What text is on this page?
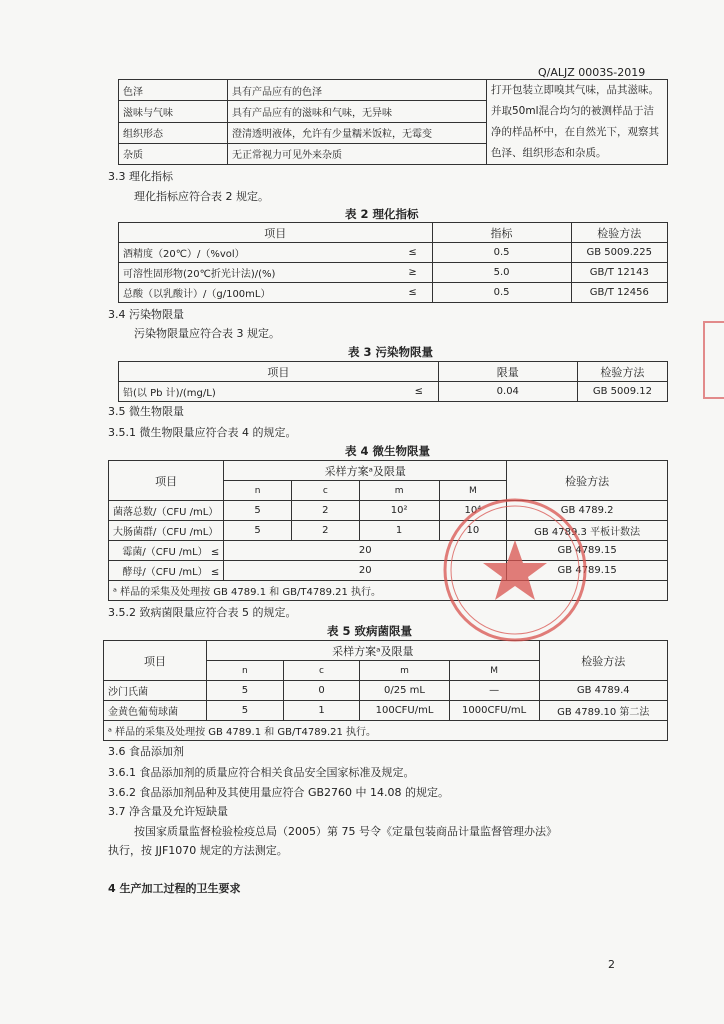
Q/ALJZ 0003S-2019
色泽	具有产品应有的色泽	打开包装立即嗅其气味，品其滋味。
并取50ml混合均匀的被测样品于洁
净的样品杯中，在自然光下，观察其
色泽、组织形态和杂质。

滋味与气味	具有产品应有的滋味和气味，无异味	
组织形态	澄清透明液体，允许有少量糯米饭粒，无霉变	
杂质	无正常视力可见外来杂质	
3.3 理化指标
理化指标应符合表 2 规定。
表 2 理化指标
项目		指标	检验方法
酒精度（20℃）/（%vol）	≤	0.5	GB 5009.225
可溶性固形物(20℃折光计法)/(%)	≥	5.0	GB/T 12143
总酸（以乳酸计）/（g/100mL）	≤	0.5	GB/T 12456
3.4 污染物限量
污染物限量应符合表 3 规定。
表 3 污染物限量
项目		限量	检验方法
铅(以 Pb 计)/(mg/L)	≤	0.04	GB 5009.12
3.5 微生物限量
3.5.1 微生物限量应符合表 4 的规定。
表 4 微生物限量
项目	采样方案ᵃ及限量				检验方法
	n	c	m	M	
菌落总数/（CFU /mL）	5	2	10²	10⁴	GB 4789.2
大肠菌群/（CFU /mL）	5	2	1	10	GB 4789.3 平板计数法
霉菌/（CFU /mL） ≤	20				GB 4789.15
酵母/（CFU /mL） ≤	20				GB 4789.15
ᵃ 样品的采集及处理按 GB 4789.1 和 GB/T4789.21 执行。					
3.5.2 致病菌限量应符合表 5 的规定。
表 5 致病菌限量
项目	采样方案ᵃ及限量				检验方法
	n	c	m	M	
沙门氏菌	5	0	0/25 mL	—	GB 4789.4
金黄色葡萄球菌	5	1	100CFU/mL	1000CFU/mL	GB 4789.10 第二法
ᵃ 样品的采集及处理按 GB 4789.1 和 GB/T4789.21 执行。					
3.6 食品添加剂
3.6.1 食品添加剂的质量应符合相关食品安全国家标准及规定。
3.6.2 食品添加剂品种及其使用量应符合 GB2760 中 14.08 的规定。
3.7 净含量及允许短缺量
按国家质量监督检验检疫总局（2005）第 75 号令《定量包装商品计量监督管理办法》
执行，按 JJF1070 规定的方法测定。
4 生产加工过程的卫生要求
2
